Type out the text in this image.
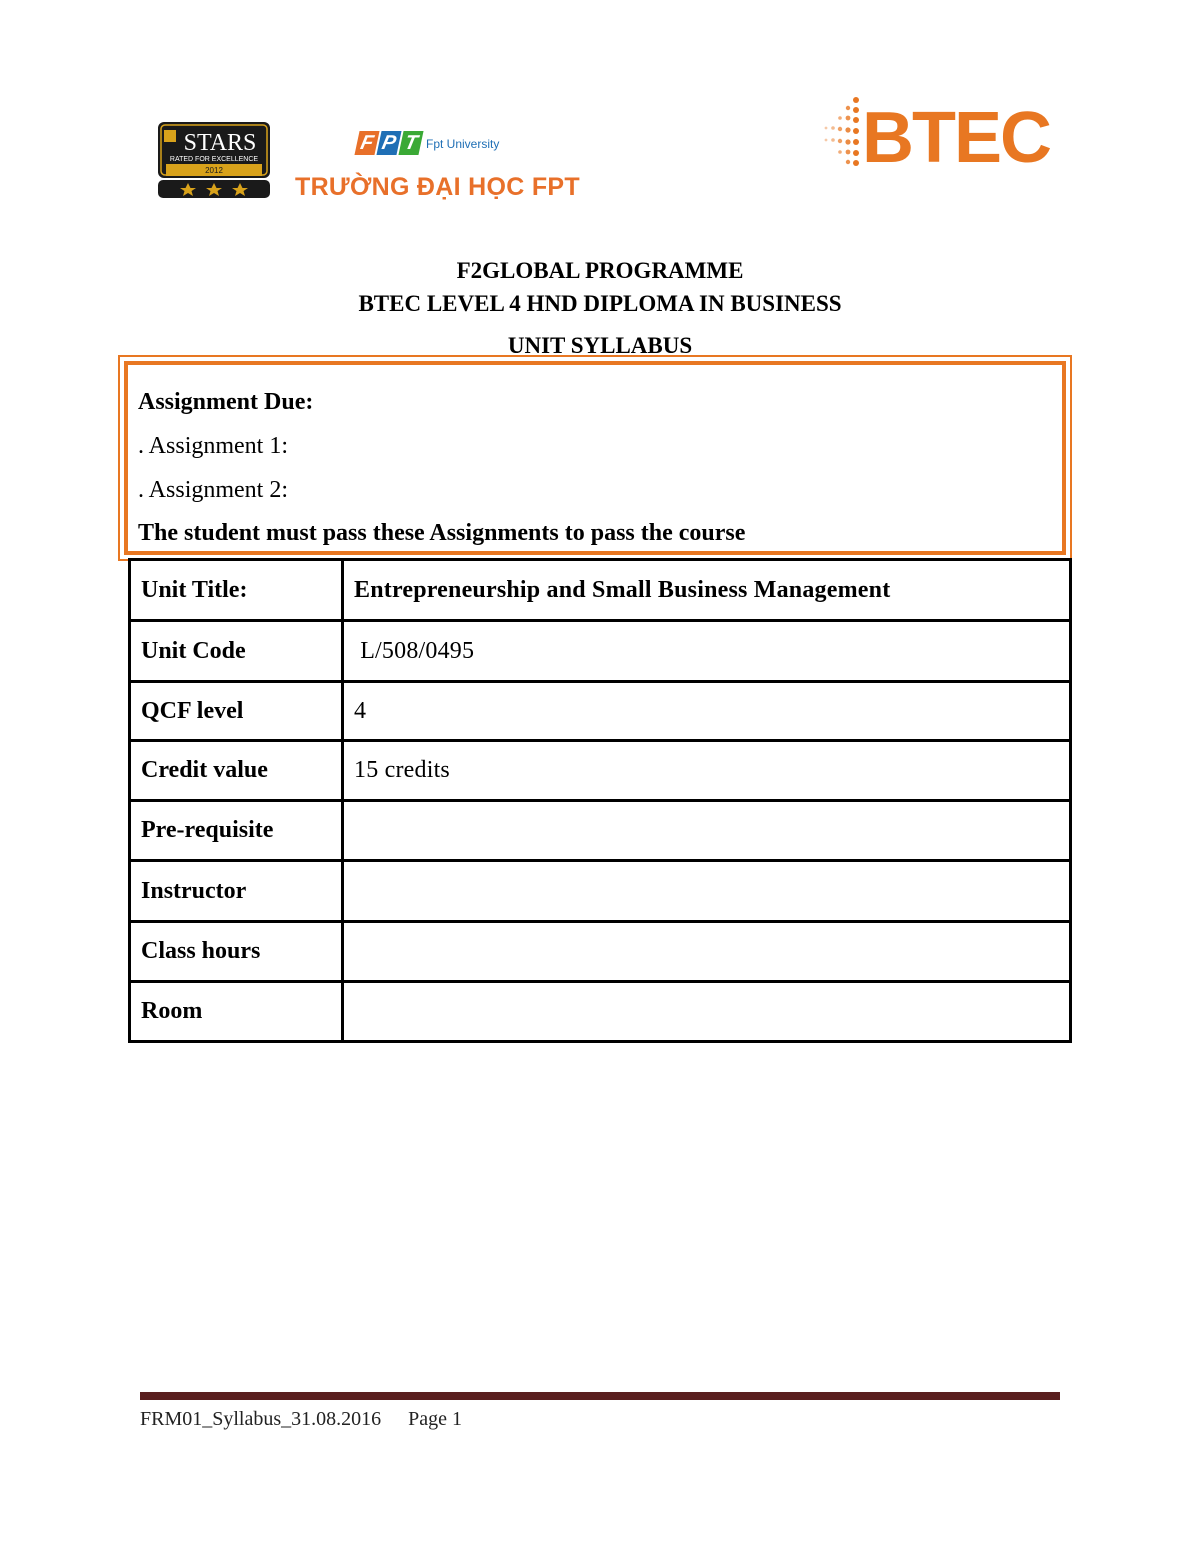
STARS
RATED FOR EXCELLENCE
2012
F P T Fpt University
TRƯỜNG ĐẠI HỌC FPT
BTEC
F2GLOBAL PROGRAMME
BTEC LEVEL 4 HND DIPLOMA IN BUSINESS
UNIT SYLLABUS
Assignment Due:
. Assignment 1:
. Assignment 2:
The student must pass these Assignments to pass the course
Unit Title:	Entrepreneurship and Small Business Management
Unit Code	L/508/0495
QCF level	4
Credit value	15 credits
Pre-requisite	
Instructor	
Class hours	
Room	
FRM01_Syllabus_31.08.2016 Page 1
